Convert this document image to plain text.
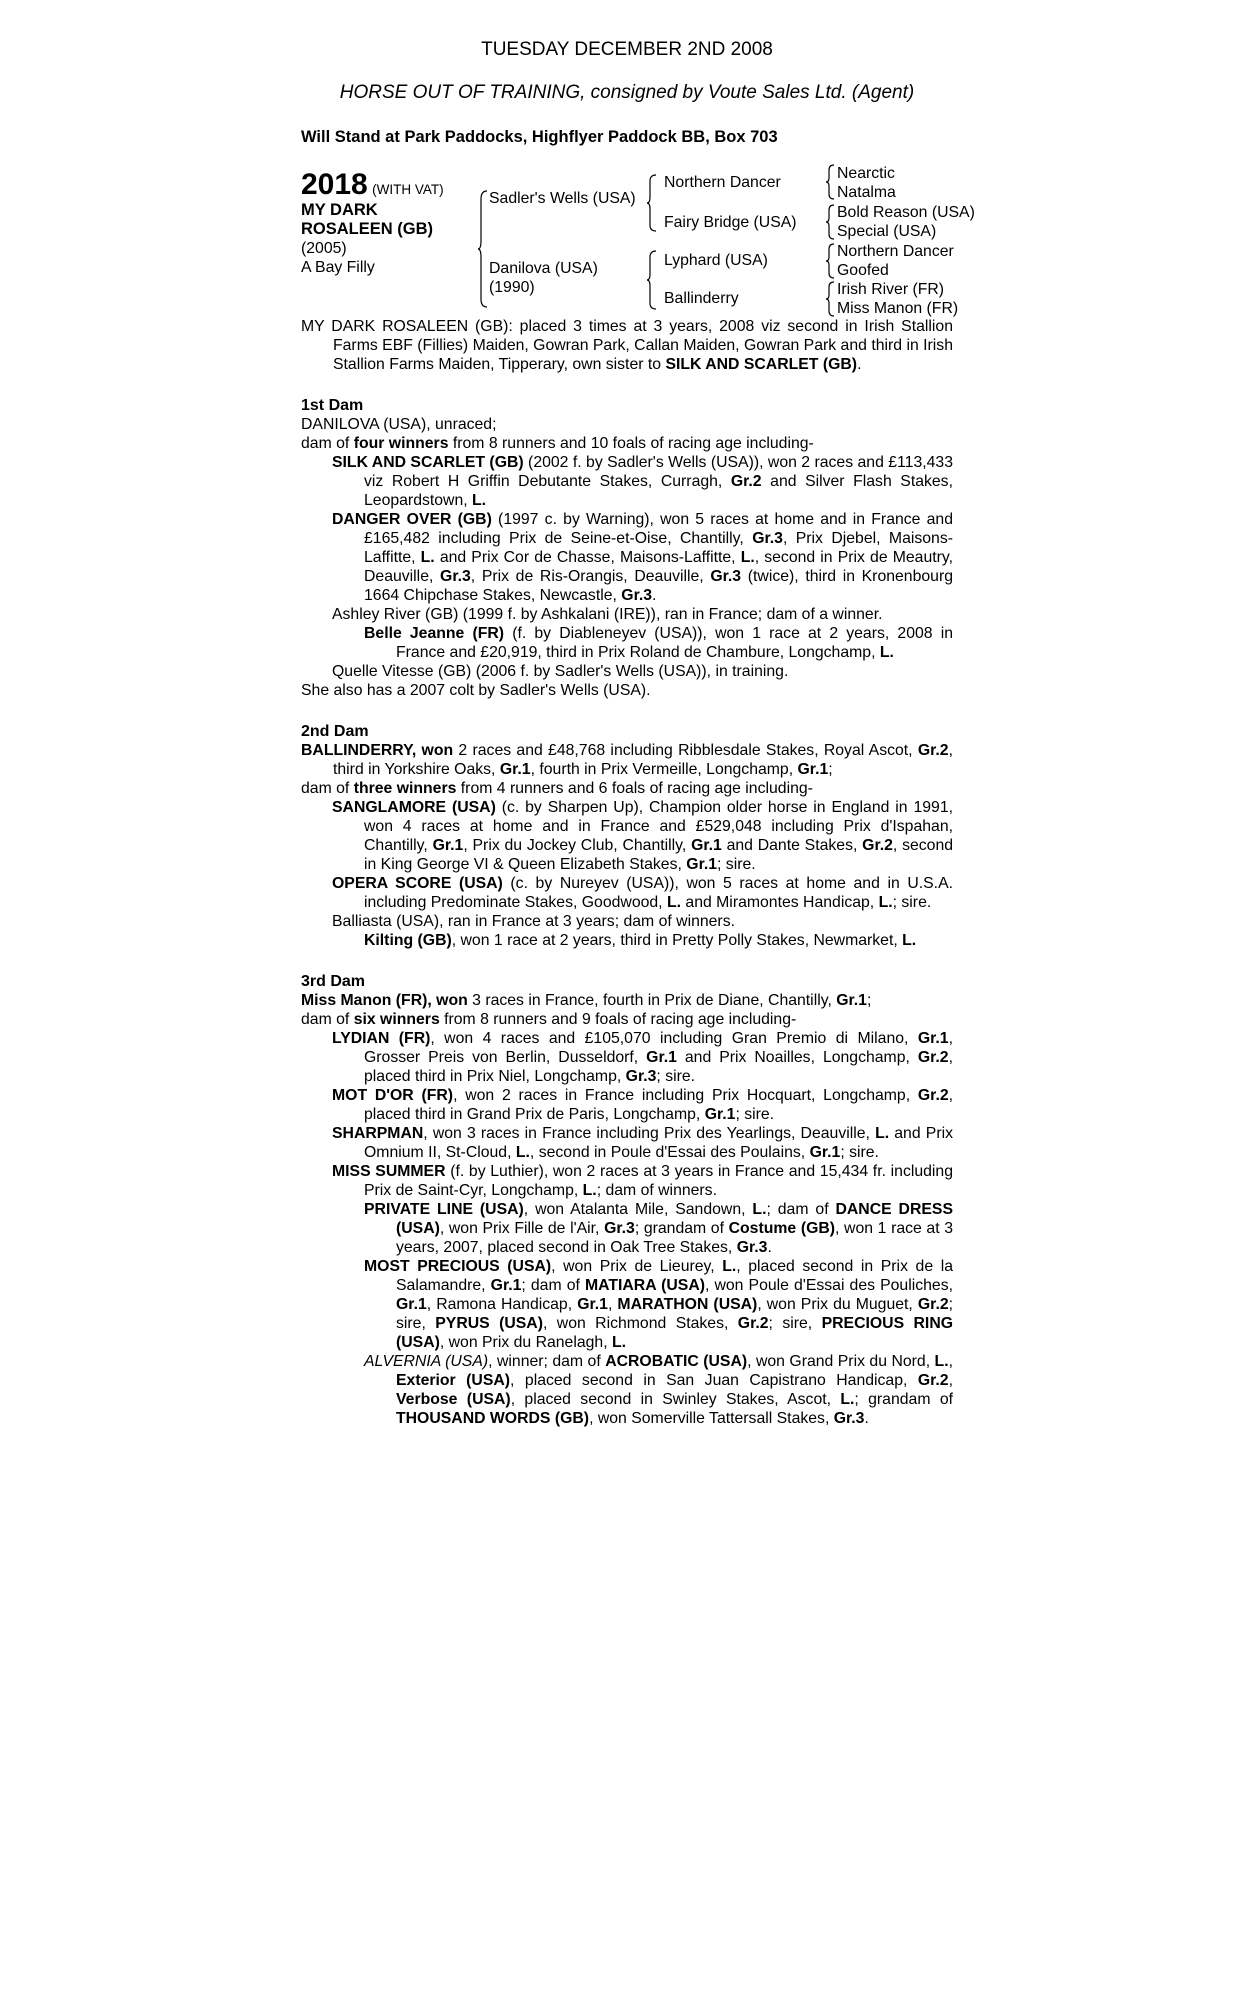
TUESDAY DECEMBER 2ND 2008
HORSE OUT OF TRAINING, consigned by Voute Sales Ltd. (Agent)
Will Stand at Park Paddocks, Highflyer Paddock BB, Box 703
2018 (WITH VAT)
MY DARK
ROSALEEN (GB)
(2005)
A Bay Filly
Sadler's Wells (USA)
Danilova (USA)
(1990)
Northern Dancer
Fairy Bridge (USA)
Lyphard (USA)
Ballinderry
Nearctic
Natalma
Bold Reason (USA)
Special (USA)
Northern Dancer
Goofed
Irish River (FR)
Miss Manon (FR)

MY DARK ROSALEEN (GB): placed 3 times at 3 years, 2008 viz second in Irish Stallion Farms EBF (Fillies) Maiden, Gowran Park, Callan Maiden, Gowran Park and third in Irish Stallion Farms Maiden, Tipperary, own sister to SILK AND SCARLET (GB).

1st Dam

DANILOVA (USA), unraced;

dam of four winners from 8 runners and 10 foals of racing age including-

SILK AND SCARLET (GB) (2002 f. by Sadler's Wells (USA)), won 2 races and £113,433 viz Robert H Griffin Debutante Stakes, Curragh, Gr.2 and Silver Flash Stakes, Leopardstown, L.

DANGER OVER (GB) (1997 c. by Warning), won 5 races at home and in France and £165,482 including Prix de Seine-et-Oise, Chantilly, Gr.3, Prix Djebel, Maisons-Laffitte, L. and Prix Cor de Chasse, Maisons-Laffitte, L., second in Prix de Meautry, Deauville, Gr.3, Prix de Ris-Orangis, Deauville, Gr.3 (twice), third in Kronenbourg 1664 Chipchase Stakes, Newcastle, Gr.3.

Ashley River (GB) (1999 f. by Ashkalani (IRE)), ran in France; dam of a winner.

Belle Jeanne (FR) (f. by Diableneyev (USA)), won 1 race at 2 years, 2008 in France and £20,919, third in Prix Roland de Chambure, Longchamp, L.

Quelle Vitesse (GB) (2006 f. by Sadler's Wells (USA)), in training.

She also has a 2007 colt by Sadler's Wells (USA).

2nd Dam

BALLINDERRY, won 2 races and £48,768 including Ribblesdale Stakes, Royal Ascot, Gr.2, third in Yorkshire Oaks, Gr.1, fourth in Prix Vermeille, Longchamp, Gr.1;

dam of three winners from 4 runners and 6 foals of racing age including-

SANGLAMORE (USA) (c. by Sharpen Up), Champion older horse in England in 1991, won 4 races at home and in France and £529,048 including Prix d'Ispahan, Chantilly, Gr.1, Prix du Jockey Club, Chantilly, Gr.1 and Dante Stakes, Gr.2, second in King George VI & Queen Elizabeth Stakes, Gr.1; sire.

OPERA SCORE (USA) (c. by Nureyev (USA)), won 5 races at home and in U.S.A. including Predominate Stakes, Goodwood, L. and Miramontes Handicap, L.; sire.

Balliasta (USA), ran in France at 3 years; dam of winners.

Kilting (GB), won 1 race at 2 years, third in Pretty Polly Stakes, Newmarket, L.

3rd Dam

Miss Manon (FR), won 3 races in France, fourth in Prix de Diane, Chantilly, Gr.1;

dam of six winners from 8 runners and 9 foals of racing age including-

LYDIAN (FR), won 4 races and £105,070 including Gran Premio di Milano, Gr.1, Grosser Preis von Berlin, Dusseldorf, Gr.1 and Prix Noailles, Longchamp, Gr.2, placed third in Prix Niel, Longchamp, Gr.3; sire.

MOT D'OR (FR), won 2 races in France including Prix Hocquart, Longchamp, Gr.2, placed third in Grand Prix de Paris, Longchamp, Gr.1; sire.

SHARPMAN, won 3 races in France including Prix des Yearlings, Deauville, L. and Prix Omnium II, St-Cloud, L., second in Poule d'Essai des Poulains, Gr.1; sire.

MISS SUMMER (f. by Luthier), won 2 races at 3 years in France and 15,434 fr. including Prix de Saint-Cyr, Longchamp, L.; dam of winners.

PRIVATE LINE (USA), won Atalanta Mile, Sandown, L.; dam of DANCE DRESS (USA), won Prix Fille de l'Air, Gr.3; grandam of Costume (GB), won 1 race at 3 years, 2007, placed second in Oak Tree Stakes, Gr.3.

MOST PRECIOUS (USA), won Prix de Lieurey, L., placed second in Prix de la Salamandre, Gr.1; dam of MATIARA (USA), won Poule d'Essai des Pouliches, Gr.1, Ramona Handicap, Gr.1, MARATHON (USA), won Prix du Muguet, Gr.2; sire, PYRUS (USA), won Richmond Stakes, Gr.2; sire, PRECIOUS RING (USA), won Prix du Ranelagh, L.

ALVERNIA (USA), winner; dam of ACROBATIC (USA), won Grand Prix du Nord, L., Exterior (USA), placed second in San Juan Capistrano Handicap, Gr.2, Verbose (USA), placed second in Swinley Stakes, Ascot, L.; grandam of THOUSAND WORDS (GB), won Somerville Tattersall Stakes, Gr.3.
